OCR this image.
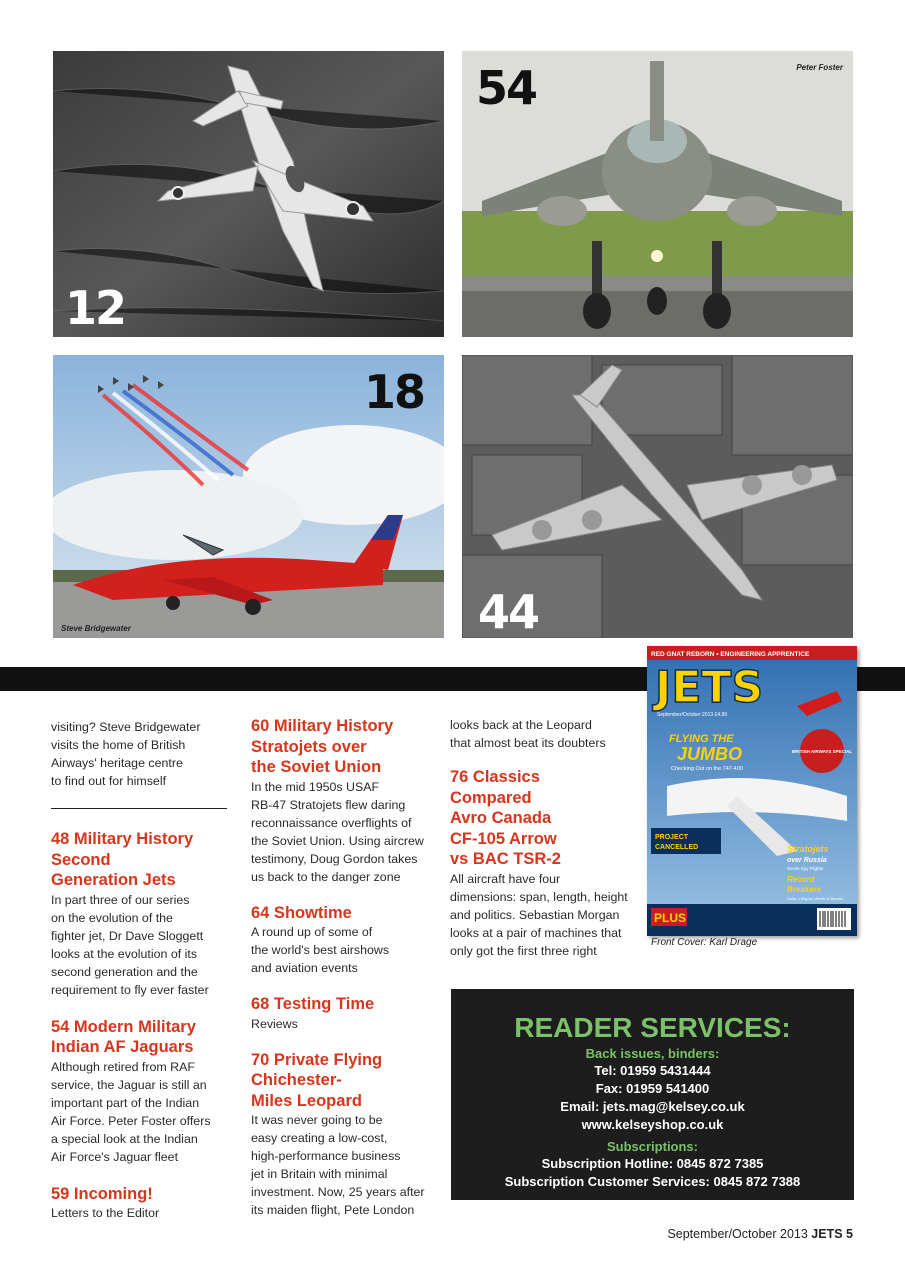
12
54	Peter Foster
18
Steve Bridgewater	44
RED GNAT REBORN • ENGINEERING APPRENTICE
JETS
September/October 2013 £4.99
FLYING THE
JUMBO
Checking Out on the 747-400
BRITISH AIRWAYS SPECIAL
PROJECT
CANCELLED	Stratojets
over Russia
Soviet Spy Flights
Record
Breakers
Duke, Lithgow, Verdin & Barnes
PLUS
Front Cover: Karl Drage
visiting? Steve Bridgewater
visits the home of British
Airways' heritage centre
to find out for himself
48 Military History
Second
Generation Jets
In part three of our series
on the evolution of the
fighter jet, Dr Dave Sloggett
looks at the evolution of its
second generation and the
requirement to fly ever faster
54 Modern Military
Indian AF Jaguars
Although retired from RAF
service, the Jaguar is still an
important part of the Indian
Air Force. Peter Foster offers
a special look at the Indian
Air Force's Jaguar fleet
59 Incoming!
Letters to the Editor
60 Military History
Stratojets over
the Soviet Union
In the mid 1950s USAF
RB-47 Stratojets flew daring
reconnaissance overflights of
the Soviet Union. Using aircrew
testimony, Doug Gordon takes
us back to the danger zone
64 Showtime
A round up of some of
the world's best airshows
and aviation events
68 Testing Time
Reviews
70 Private Flying
Chichester-
Miles Leopard
It was never going to be
easy creating a low-cost,
high-performance business
jet in Britain with minimal
investment. Now, 25 years after
its maiden flight, Pete London
looks back at the Leopard
that almost beat its doubters
76 Classics
Compared
Avro Canada
CF-105 Arrow
vs BAC TSR-2
All aircraft have four
dimensions: span, length, height
and politics. Sebastian Morgan
looks at a pair of machines that
only got the first three right
READER SERVICES:
Back issues, binders:
Tel: 01959 5431444
Fax: 01959 541400
Email: jets.mag@kelsey.co.uk
www.kelseyshop.co.uk
Subscriptions:
Subscription Hotline: 0845 872 7385
Subscription Customer Services: 0845 872 7388
September/October 2013 JETS 5
